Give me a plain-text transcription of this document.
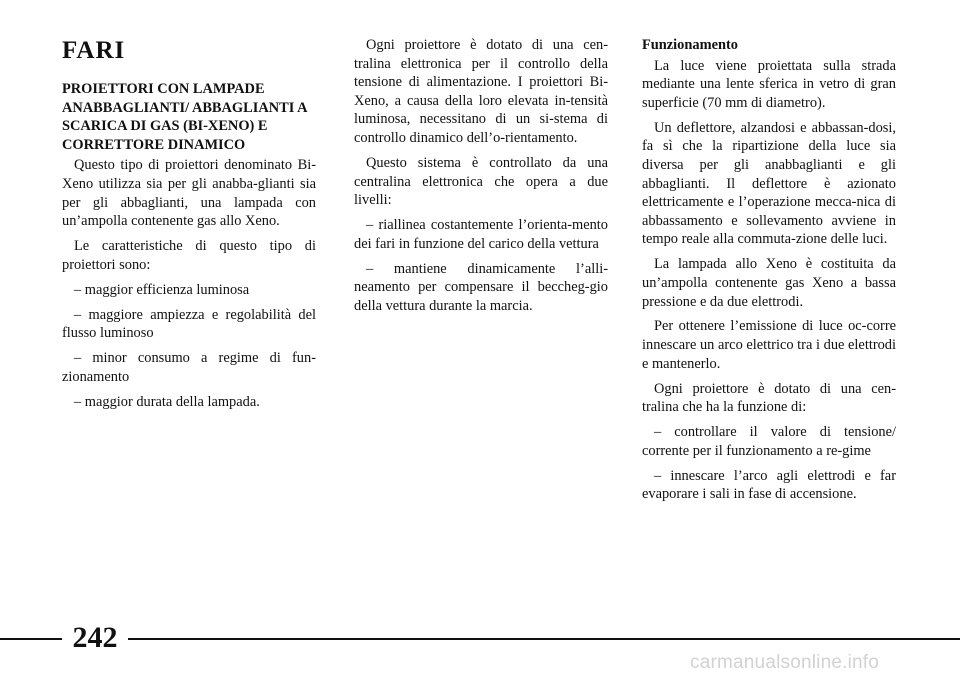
FARI
PROIETTORI CON LAMPADE ANABBAGLIANTI/ ABBAGLIANTI A SCARICA DI GAS (BI-XENO) E CORRETTORE DINAMICO

Questo tipo di proiettori denominato Bi-Xeno utilizza sia per gli anabba-glianti sia per gli abbaglianti, una lampada con un’ampolla contenente gas allo Xeno.

Le caratteristiche di questo tipo di proiettori sono:

– maggior efficienza luminosa

– maggiore ampiezza e regolabilità del flusso luminoso

– minor consumo a regime di fun-zionamento

– maggior durata della lampada.

Ogni proiettore è dotato di una cen-tralina elettronica per il controllo della tensione di alimentazione. I proiettori Bi-Xeno, a causa della loro elevata in-tensità luminosa, necessitano di un si-stema di controllo dinamico dell’o-rientamento.

Questo sistema è controllato da una centralina elettronica che opera a due livelli:

– riallinea costantemente l’orienta-mento dei fari in funzione del carico della vettura

– mantiene dinamicamente l’alli-neamento per compensare il beccheg-gio della vettura durante la marcia.

Funzionamento

La luce viene proiettata sulla strada mediante una lente sferica in vetro di gran superficie (70 mm di diametro).

Un deflettore, alzandosi e abbassan-dosi, fa sì che la ripartizione della luce sia diversa per gli anabbaglianti e gli abbaglianti. Il deflettore è azionato elettricamente e l’operazione mecca-nica di abbassamento e sollevamento avviene in tempo reale alla commuta-zione delle luci.

La lampada allo Xeno è costituita da un’ampolla contenente gas Xeno a bassa pressione e da due elettrodi.

Per ottenere l’emissione di luce oc-corre innescare un arco elettrico tra i due elettrodi e mantenerlo.

Ogni proiettore è dotato di una cen-tralina che ha la funzione di:

– controllare il valore di tensione/ corrente per il funzionamento a re-gime

– innescare l’arco agli elettrodi e far evaporare i sali in fase di accensione.

242
carmanualsonline.info
